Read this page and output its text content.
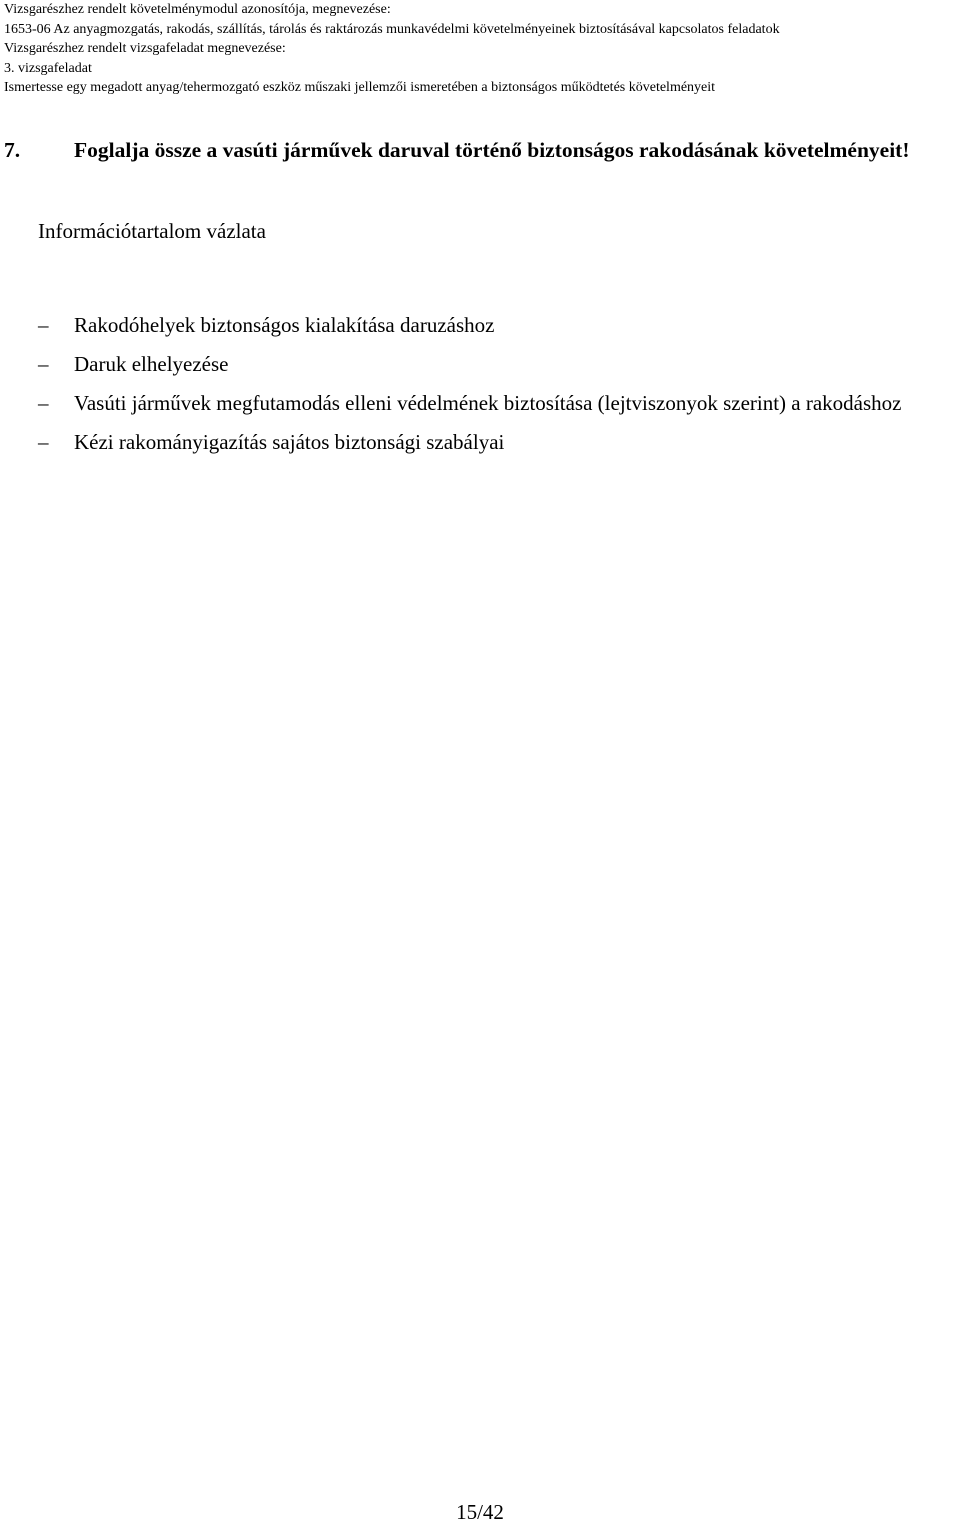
Vizsgarészhez rendelt követelménymodul azonosítója, megnevezése:
1653-06 Az anyagmozgatás, rakodás, szállítás, tárolás és raktározás munkavédelmi követelményeinek biztosításával kapcsolatos feladatok
Vizsgarészhez rendelt vizsgafeladat megnevezése:
3. vizsgafeladat
Ismertesse egy megadott anyag/tehermozgató eszköz műszaki jellemzői ismeretében a biztonságos működtetés követelményeit
7.	Foglalja össze a vasúti járművek daruval történő biztonságos rakodásának követelményeit!
Információtartalom vázlata
–	Rakodóhelyek biztonságos kialakítása daruzáshoz
–	Daruk elhelyezése
–	Vasúti járművek megfutamodás elleni védelmének biztosítása (lejtviszonyok szerint) a rakodáshoz
–	Kézi rakományigazítás sajátos biztonsági szabályai
15/42
